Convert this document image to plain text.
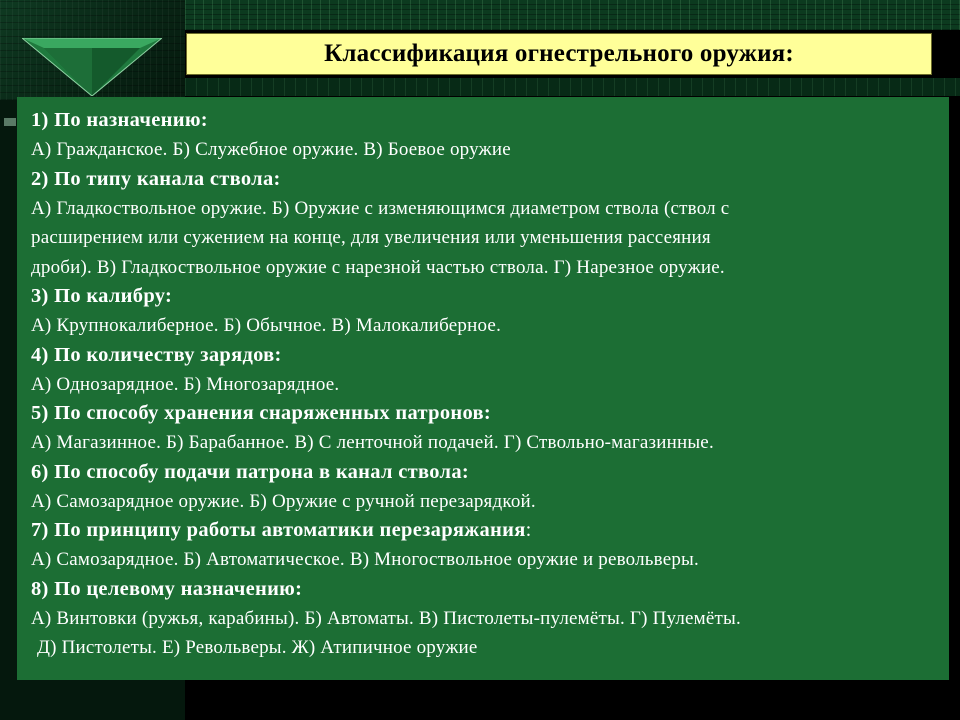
Классификация огнестрельного оружия:
1) По назначению:
А) Гражданское. Б) Служебное оружие. В) Боевое оружие
2) По типу канала ствола:
А) Гладкоствольное оружие. Б) Оружие с изменяющимся диаметром ствола (ствол с
расширением или сужением на конце, для увеличения или уменьшения рассеяния
дроби). В) Гладкоствольное оружие с нарезной частью ствола. Г) Нарезное оружие.
3) По калибру:
А) Крупнокалиберное. Б) Обычное. В) Малокалиберное.
4) По количеству зарядов:
А) Однозарядное. Б) Многозарядное.
5) По способу хранения снаряженных патронов:
А) Магазинное. Б) Барабанное. В) С ленточной подачей. Г) Ствольно-магазинные.
6) По способу подачи патрона в канал ствола:
А) Самозарядное оружие. Б) Оружие с ручной перезарядкой.
7) По принципу работы автоматики перезаряжания:
А) Самозарядное. Б) Автоматическое. В) Многоствольное оружие и револьверы.
8) По целевому назначению:
А) Винтовки (ружья, карабины). Б) Автоматы. В) Пистолеты-пулемёты. Г) Пулемёты.
Д) Пистолеты. Е) Револьверы. Ж) Атипичное оружие
